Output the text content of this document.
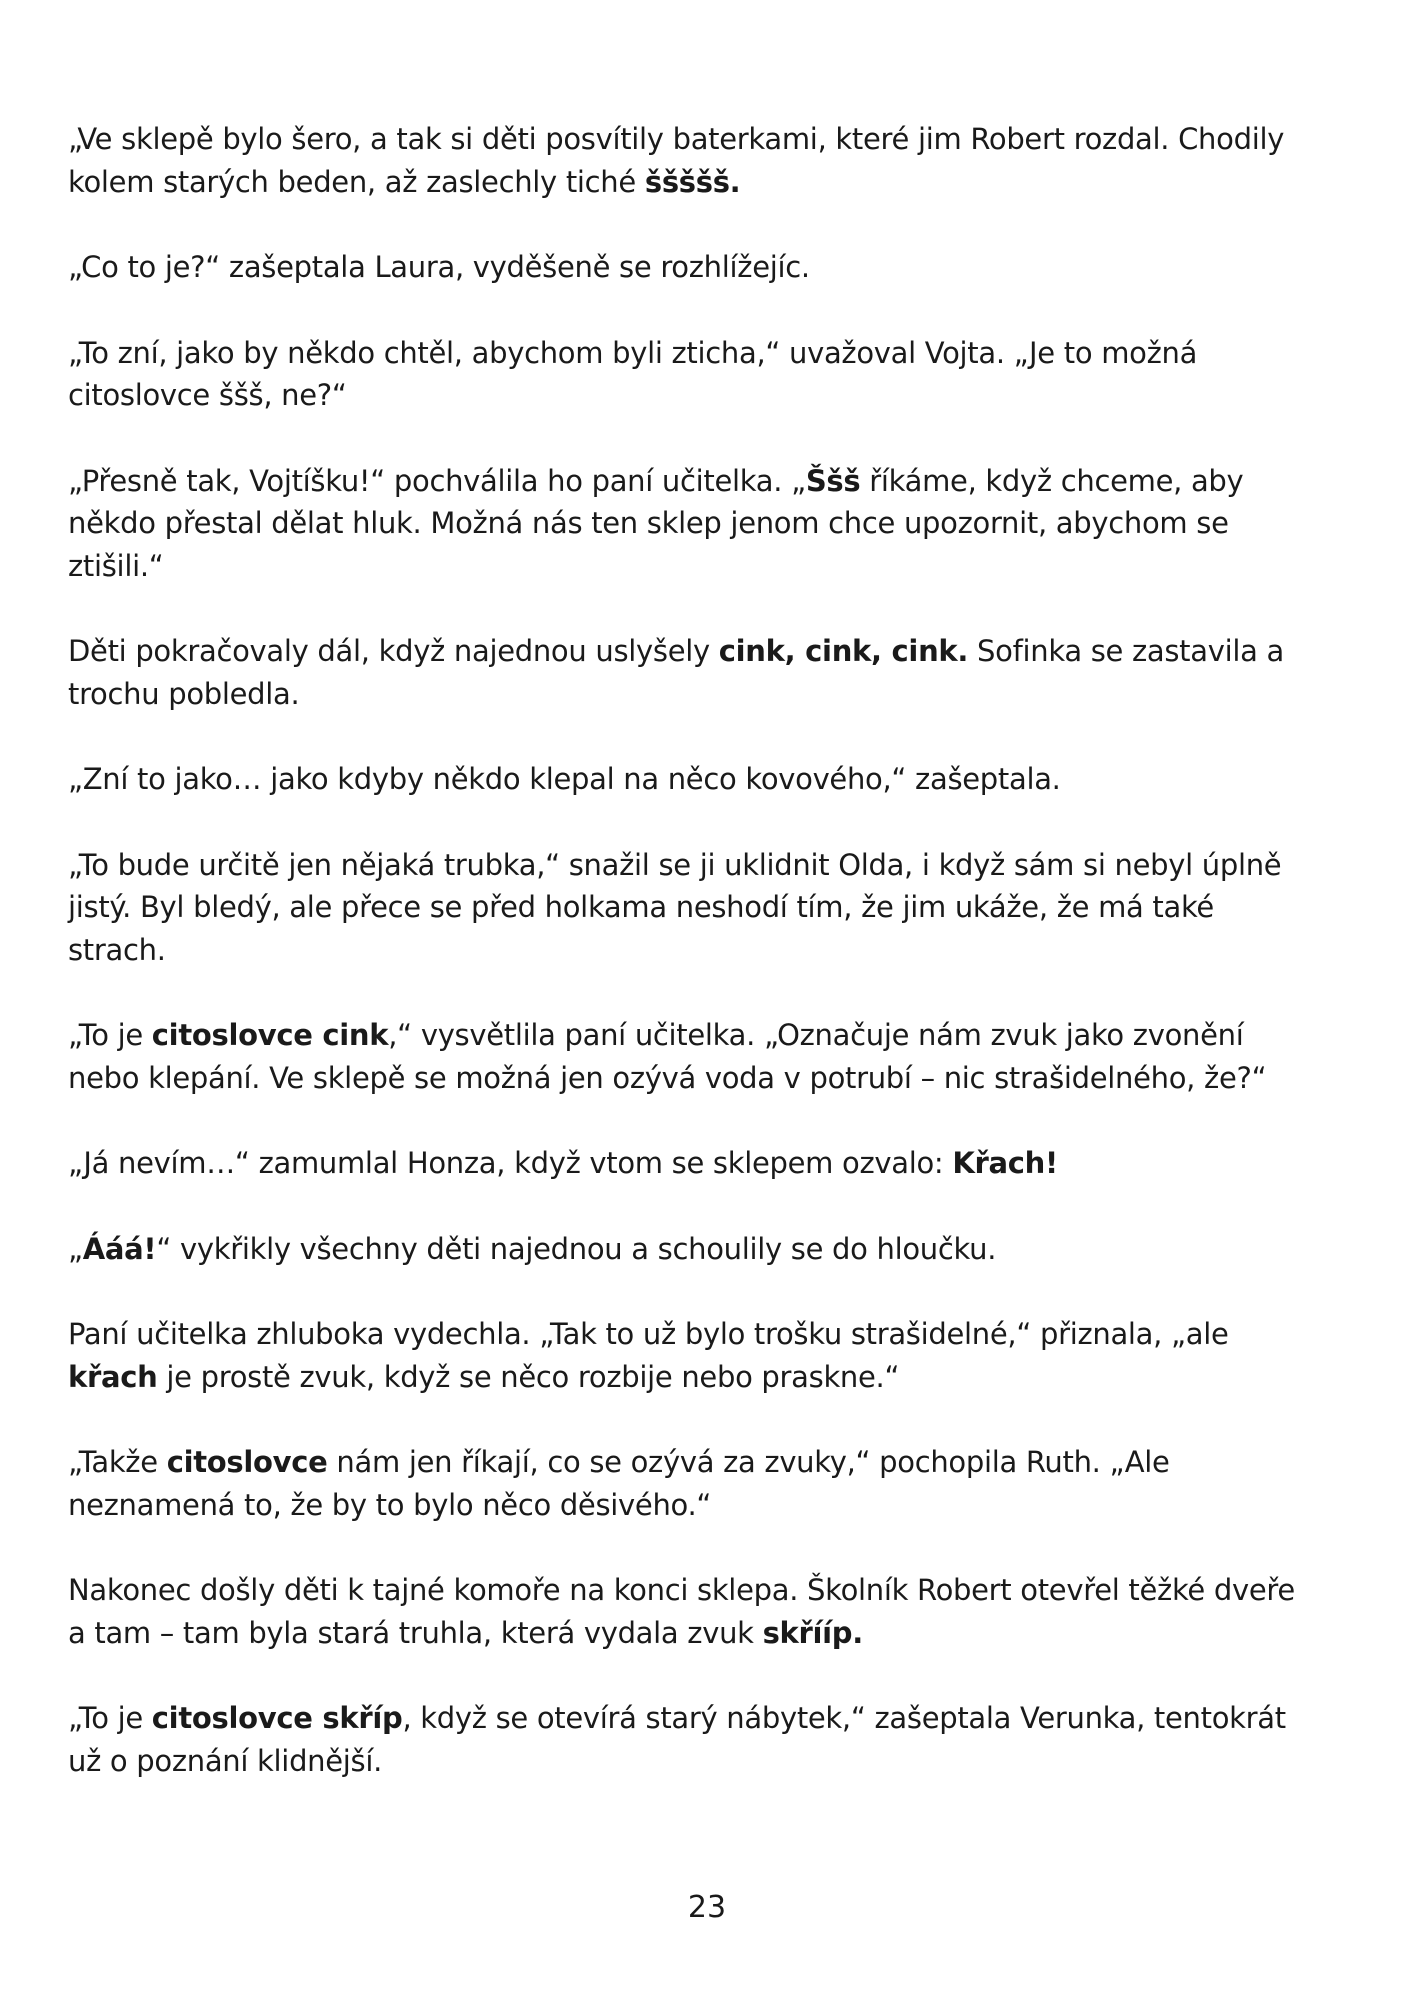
„Ve sklepě bylo šero, a tak si děti posvítily baterkami, které jim Robert rozdal. Chodily kolem starých beden, až zaslechly tiché ššššš.

„Co to je?“ zašeptala Laura, vyděšeně se rozhlížejíc.

„To zní, jako by někdo chtěl, abychom byli zticha,“ uvažoval Vojta. „Je to možná citoslovce ššš, ne?“

„Přesně tak, Vojtíšku!“ pochválila ho paní učitelka. „Ššš říkáme, když chceme, aby někdo přestal dělat hluk. Možná nás ten sklep jenom chce upozornit, abychom se ztišili.“

Děti pokračovaly dál, když najednou uslyšely cink, cink, cink. Sofinka se zastavila a trochu pobledla.

„Zní to jako… jako kdyby někdo klepal na něco kovového,“ zašeptala.

„To bude určitě jen nějaká trubka,“ snažil se ji uklidnit Olda, i když sám si nebyl úplně jistý. Byl bledý, ale přece se před holkama neshodí tím, že jim ukáže, že má také strach.

„To je citoslovce cink,“ vysvětlila paní učitelka. „Označuje nám zvuk jako zvonění nebo klepání. Ve sklepě se možná jen ozývá voda v potrubí – nic strašidelného, že?“

„Já nevím…“ zamumlal Honza, když vtom se sklepem ozvalo: Křach!

„Ááá!“ vykřikly všechny děti najednou a schoulily se do hloučku.

Paní učitelka zhluboka vydechla. „Tak to už bylo trošku strašidelné,“ přiznala, „ale křach je prostě zvuk, když se něco rozbije nebo praskne.“

„Takže citoslovce nám jen říkají, co se ozývá za zvuky,“ pochopila Ruth. „Ale neznamená to, že by to bylo něco děsivého.“

Nakonec došly děti k tajné komoře na konci sklepa. Školník Robert otevřel těžké dveře a tam – tam byla stará truhla, která vydala zvuk skřííp.

„To je citoslovce skříp, když se otevírá starý nábytek,“ zašeptala Verunka, tentokrát už o poznání klidnější.

23
